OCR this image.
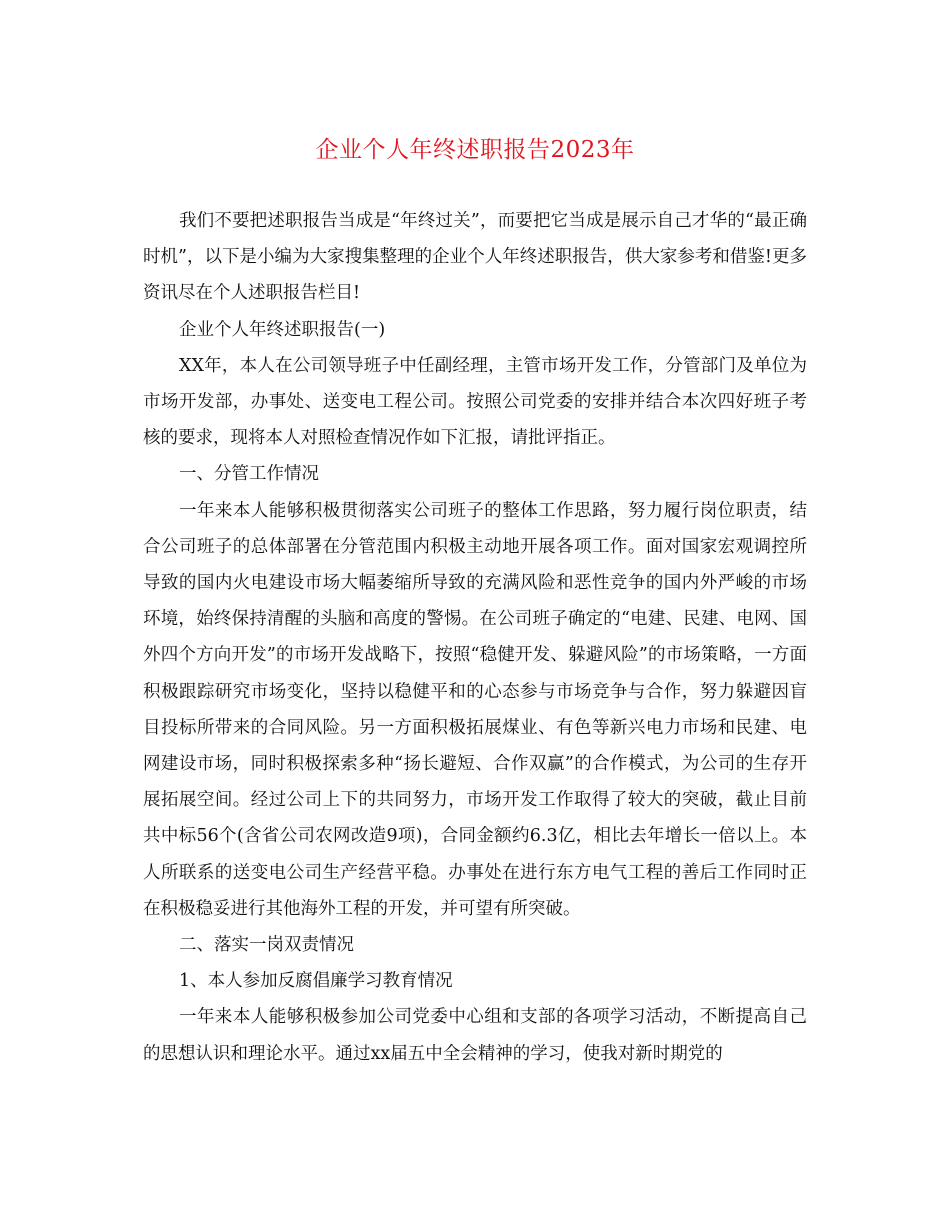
企业个人年终述职报告2023年

我们不要把述职报告当成是“年终过关”，而要把它当成是展示自己才华的“最正确时机”，以下是小编为大家搜集整理的企业个人年终述职报告，供大家参考和借鉴!更多资讯尽在个人述职报告栏目!

企业个人年终述职报告(一)

XX年，本人在公司领导班子中任副经理，主管市场开发工作，分管部门及单位为市场开发部，办事处、送变电工程公司。按照公司党委的安排并结合本次四好班子考核的要求，现将本人对照检查情况作如下汇报，请批评指正。

一、分管工作情况

一年来本人能够积极贯彻落实公司班子的整体工作思路，努力履行岗位职责，结合公司班子的总体部署在分管范围内积极主动地开展各项工作。面对国家宏观调控所导致的国内火电建设市场大幅萎缩所导致的充满风险和恶性竞争的国内外严峻的市场环境，始终保持清醒的头脑和高度的警惕。在公司班子确定的“电建、民建、电网、国外四个方向开发”的市场开发战略下，按照“稳健开发、躲避风险”的市场策略，一方面积极跟踪研究市场变化，坚持以稳健平和的心态参与市场竞争与合作，努力躲避因盲目投标所带来的合同风险。另一方面积极拓展煤业、有色等新兴电力市场和民建、电网建设市场，同时积极探索多种“扬长避短、合作双赢”的合作模式，为公司的生存开展拓展空间。经过公司上下的共同努力，市场开发工作取得了较大的突破，截止目前共中标56个(含省公司农网改造9项)，合同金额约6.3亿，相比去年增长一倍以上。本人所联系的送变电公司生产经营平稳。办事处在进行东方电气工程的善后工作同时正在积极稳妥进行其他海外工程的开发，并可望有所突破。

二、落实一岗双责情况

1、本人参加反腐倡廉学习教育情况

一年来本人能够积极参加公司党委中心组和支部的各项学习活动，不断提高自己的思想认识和理论水平。通过xx届五中全会精神的学习，使我对新时期党的
